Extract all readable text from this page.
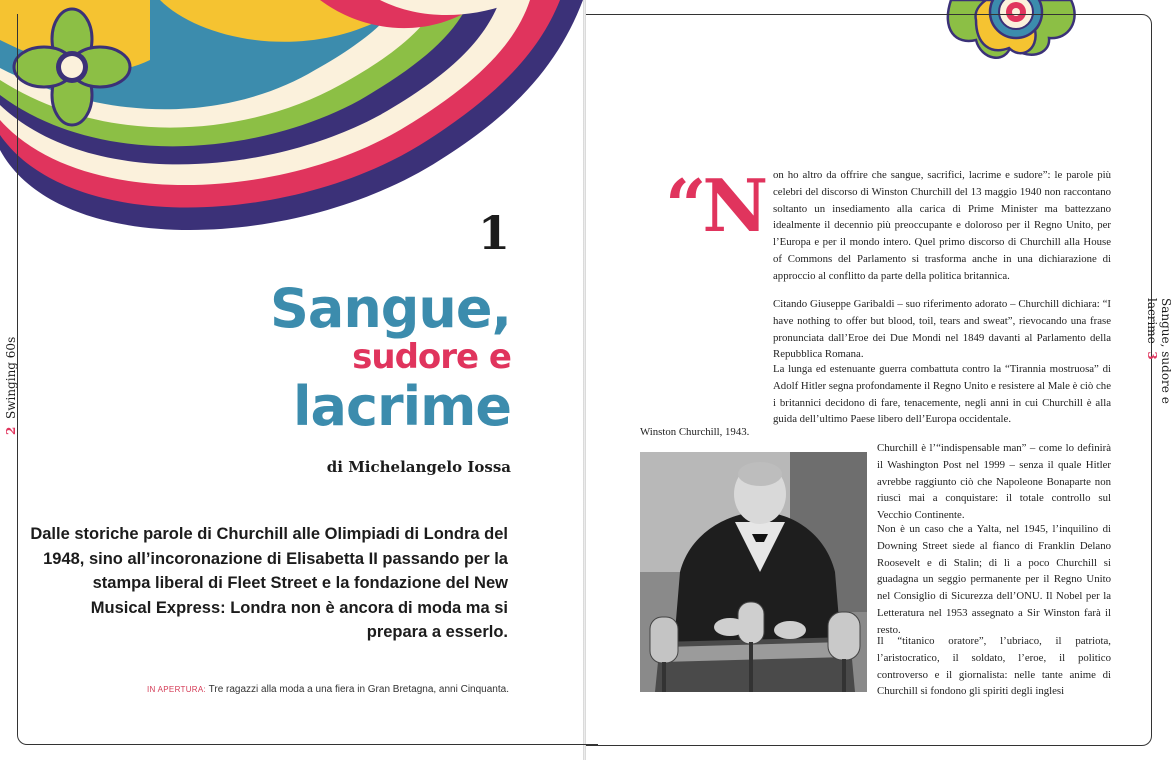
2  Swinging 60s
1
Sangue,
sudore e
lacrime
di Michelangelo Iossa
Dalle storiche parole di Churchill alle Olimpiadi di Londra del 1948, sino all’incoronazione di Elisabetta II passando per la stampa liberal di Fleet Street e la fondazione del New Musical Express: Londra non è ancora di moda ma si prepara a esserlo.
IN APERTURA: Tre ragazzi alla moda a una fiera in Gran Bretagna, anni Cinquanta.
“N on ho altro da offrire che sangue, sacrifici, lacrime e sudore”: le parole più celebri del discorso di Winston Churchill del 13 maggio 1940 non raccontano soltanto un insediamento alla carica di Prime Minister ma battezzano idealmente il decennio più preoccupante e doloroso per il Regno Unito, per l’Europa e per il mondo intero. Quel primo discorso di Churchill alla House of Commons del Parlamento si trasforma anche in una dichiarazione di approccio al conflitto da parte della politica britannica.

Citando Giuseppe Garibaldi – suo riferimento adorato – Churchill dichiara: “I have nothing to offer but blood, toil, tears and sweat”, rievocando una frase pronunciata dall’Eroe dei Due Mondi nel 1849 davanti al Parlamento della Repubblica Romana.

La lunga ed estenuante guerra combattuta contro la “Tirannia mostruosa” di Adolf Hitler segna profondamente il Regno Unito e resistere al Male è ciò che i britannici decidono di fare, tenacemente, negli anni in cui Churchill è alla guida dell’ultimo Paese libero dell’Europa occidentale.

Churchill è l’“indispensable man” – come lo definirà il Washington Post nel 1999 – senza il quale Hitler avrebbe raggiunto ciò che Napoleone Bonaparte non riuscì mai a conquistare: il totale controllo sul Vecchio Continente.

Non è un caso che a Yalta, nel 1945, l’inquilino di Downing Street siede al fianco di Franklin Delano Roosevelt e di Stalin; di lì a poco Churchill si guadagna un seggio permanente per il Regno Unito nel Consiglio di Sicurezza dell’ONU. Il Nobel per la Letteratura nel 1953 assegnato a Sir Winston farà il resto.

Il “titanico oratore”, l’ubriaco, il patriota, l’aristocratico, il soldato, l’eroe, il politico controverso e il giornalista: nelle tante anime di Churchill si fondono gli spiriti degli inglesi

Winston Churchill, 1943.
Sangue, sudore e lacrime  3
